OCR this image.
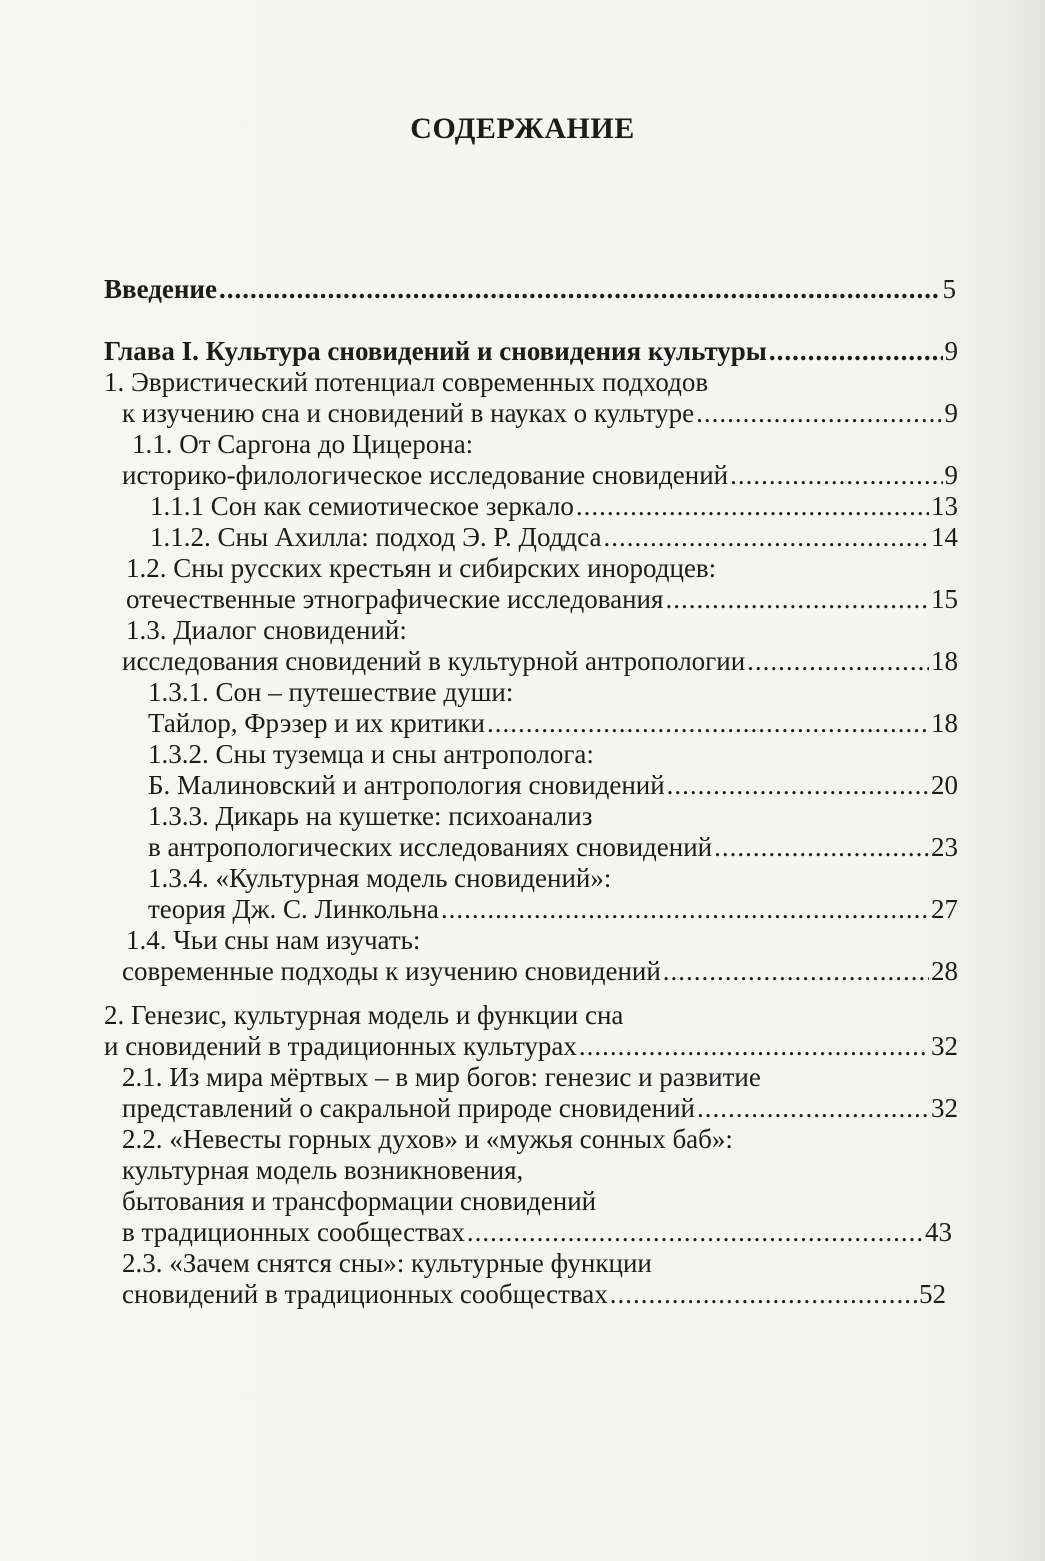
СОДЕРЖАНИЕ
Введение .....	5
Глава I. Культура сновидений и сновидения культуры .....	9
1. Эвристический потенциал современных подходов
к изучению сна и сновидений в науках о культуре .....	9
1.1. От Саргона до Цицерона:
историко-филологическое исследование сновидений .....	9
1.1.1 Сон как семиотическое зеркало .....	13
1.1.2. Сны Ахилла: подход Э. Р. Доддса .....	14
1.2. Сны русских крестьян и сибирских инородцев:
отечественные этнографические исследования .....	15
1.3. Диалог сновидений:
исследования сновидений в культурной антропологии .....	18
1.3.1. Сон – путешествие души:
Тайлор, Фрэзер и их критики .....	18
1.3.2. Сны туземца и сны антрополога:
Б. Малиновский и антропология сновидений .....	20
1.3.3. Дикарь на кушетке: психоанализ
в антропологических исследованиях сновидений .....	23
1.3.4. «Культурная модель сновидений»:
теория Дж. С. Линкольна .....	27
1.4. Чьи сны нам изучать:
современные подходы к изучению сновидений .....	28
2. Генезис, культурная модель и функции сна
и сновидений в традиционных культурах .....	32
2.1. Из мира мёртвых – в мир богов: генезис и развитие
представлений о сакральной природе сновидений .....	32
2.2. «Невесты горных духов» и «мужья сонных баб»:
культурная модель возникновения,
бытования и трансформации сновидений
в традиционных сообществах .....	43
2.3. «Зачем снятся сны»: культурные функции
сновидений в традиционных сообществах .....	52
